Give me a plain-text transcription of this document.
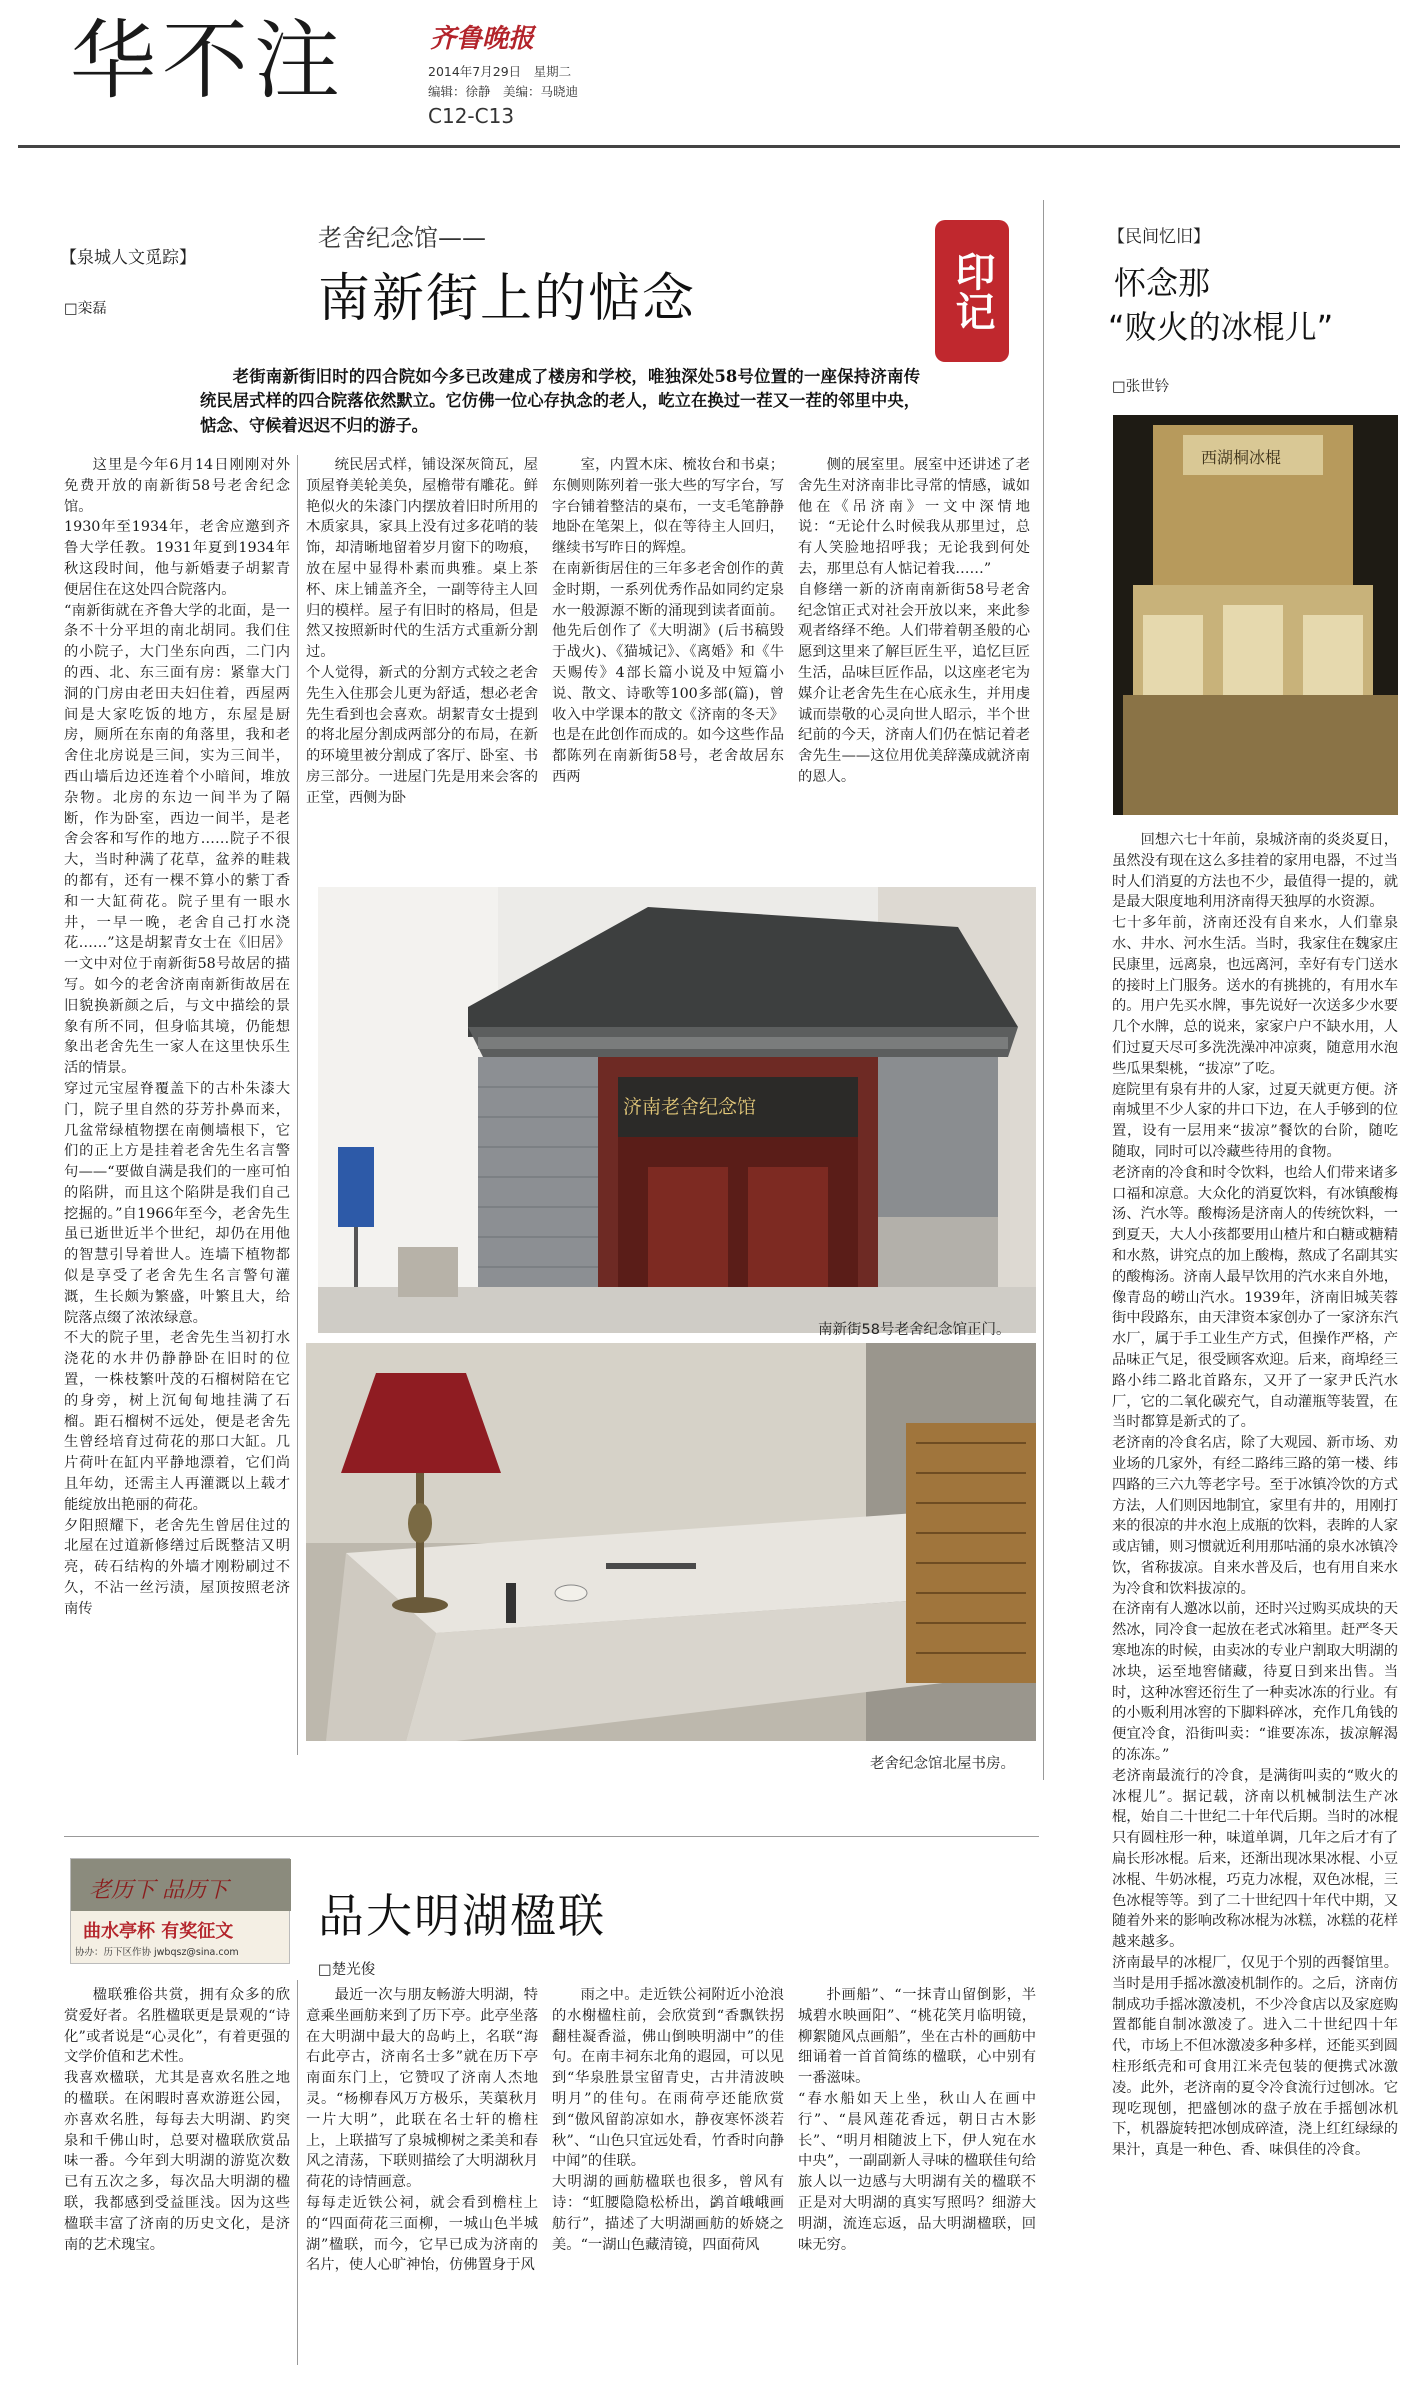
华不注	齐鲁晚报
2014年7月29日　星期二
编辑：徐静　美编：马晓迪
C12-C13
【泉城人文觅踪】
□栾磊
老舍纪念馆——
南新街上的惦念	印记
老街南新街旧时的四合院如今多已改建成了楼房和学校，唯独深处58号位置的一座保持济南传统民居式样的四合院落依然默立。它仿佛一位心存执念的老人，屹立在换过一茬又一茬的邻里中央，惦念、守候着迟迟不归的游子。
这里是今年6月14日刚刚对外免费开放的南新街58号老舍纪念馆。
1930年至1934年，老舍应邀到齐鲁大学任教。1931年夏到1934年秋这段时间，他与新婚妻子胡絜青便居住在这处四合院落内。
“南新街就在齐鲁大学的北面，是一条不十分平坦的南北胡同。我们住的小院子，大门坐东向西，二门内的西、北、东三面有房：紧靠大门洞的门房由老田夫妇住着，西屋两间是大家吃饭的地方，东屋是厨房，厕所在东南的角落里，我和老舍住北房说是三间，实为三间半，西山墙后边还连着个小暗间，堆放杂物。北房的东边一间半为了隔断，作为卧室，西边一间半，是老舍会客和写作的地方……院子不很大，当时种满了花草，盆养的畦栽的都有，还有一棵不算小的紫丁香和一大缸荷花。院子里有一眼水井，一早一晚，老舍自己打水浇花……”这是胡絜青女士在《旧居》一文中对位于南新街58号故居的描写。如今的老舍济南南新街故居在旧貌换新颜之后，与文中描绘的景象有所不同，但身临其境，仍能想象出老舍先生一家人在这里快乐生活的情景。
穿过元宝屋脊覆盖下的古朴朱漆大门，院子里自然的芬芳扑鼻而来，几盆常绿植物摆在南侧墙根下，它们的正上方是挂着老舍先生名言警句——“要做自满是我们的一座可怕的陷阱，而且这个陷阱是我们自己挖掘的。”自1966年至今，老舍先生虽已逝世近半个世纪，却仍在用他的智慧引导着世人。连墙下植物都似是享受了老舍先生名言警句灌溉，生长颇为繁盛，叶繁且大，给院落点缀了浓浓绿意。
不大的院子里，老舍先生当初打水浇花的水井仍静静卧在旧时的位置，一株枝繁叶茂的石榴树陪在它的身旁，树上沉甸甸地挂满了石榴。距石榴树不远处，便是老舍先生曾经培育过荷花的那口大缸。几片荷叶在缸内平静地漂着，它们尚且年幼，还需主人再灌溉以上载才能绽放出艳丽的荷花。
夕阳照耀下，老舍先生曾居住过的北屋在过道新修缮过后既整洁又明亮，砖石结构的外墙才刚粉刷过不久，不沾一丝污渍，屋顶按照老济南传
统民居式样，铺设深灰筒瓦，屋顶屋脊美轮美奂，屋檐带有雕花。鲜艳似火的朱漆门内摆放着旧时所用的木质家具，家具上没有过多花哨的装饰，却清晰地留着岁月窗下的吻痕，放在屋中显得朴素而典雅。桌上茶杯、床上铺盖齐全，一副等待主人回归的模样。屋子有旧时的格局，但是然又按照新时代的生活方式重新分割过。
个人觉得，新式的分割方式较之老舍先生入住那会儿更为舒适，想必老舍先生看到也会喜欢。胡絜青女士提到的将北屋分割成两部分的布局，在新的环境里被分割成了客厅、卧室、书房三部分。一进屋门先是用来会客的正堂，西侧为卧
室，内置木床、梳妆台和书桌；东侧则陈列着一张大些的写字台，写字台铺着整洁的桌布，一支毛笔静静地卧在笔架上，似在等待主人回归，继续书写昨日的辉煌。
在南新街居住的三年多老舍创作的黄金时期，一系列优秀作品如同约定泉水一般源源不断的涌现到读者面前。他先后创作了《大明湖》(后书稿毁于战火)、《猫城记》、《离婚》和《牛天赐传》4部长篇小说及中短篇小说、散文、诗歌等100多部(篇)，曾收入中学课本的散文《济南的冬天》也是在此创作而成的。如今这些作品都陈列在南新街58号，老舍故居东西两
侧的展室里。展室中还讲述了老舍先生对济南非比寻常的情感，诚如他在《吊济南》一文中深情地说：“无论什么时候我从那里过，总有人笑脸地招呼我；无论我到何处去，那里总有人惦记着我……”
自修缮一新的济南南新街58号老舍纪念馆正式对社会开放以来，来此参观者络绎不绝。人们带着朝圣般的心愿到这里来了解巨匠生平，追忆巨匠生活，品味巨匠作品，以这座老宅为媒介让老舍先生在心底永生，并用虔诚而崇敬的心灵向世人昭示，半个世纪前的今天，济南人们仍在惦记着老舍先生——这位用优美辞藻成就济南的恩人。
济南老舍纪念馆
南新街58号老舍纪念馆正门。
老舍纪念馆北屋书房。
【民间忆旧】
怀念那
“败火的冰棍儿”
□张世钤
西湖桐冰棍
回想六七十年前，泉城济南的炎炎夏日，虽然没有现在这么多挂着的家用电器，不过当时人们消夏的方法也不少，最值得一提的，就是最大限度地利用济南得天独厚的水资源。
七十多年前，济南还没有自来水，人们靠泉水、井水、河水生活。当时，我家住在魏家庄民康里，远离泉，也远离河，幸好有专门送水的接时上门服务。送水的有挑挑的，有用水车的。用户先买水牌，事先说好一次送多少水要几个水牌，总的说来，家家户户不缺水用，人们过夏天尽可多洗洗澡冲冲凉爽，随意用水泡些瓜果梨桃，“拔凉”了吃。
庭院里有泉有井的人家，过夏天就更方便。济南城里不少人家的井口下边，在人手够到的位置，设有一层用来“拔凉”餐饮的台阶，随吃随取，同时可以冷藏些待用的食物。
老济南的冷食和时令饮料，也给人们带来诸多口福和凉意。大众化的消夏饮料，有冰镇酸梅汤、汽水等。酸梅汤是济南人的传统饮料，一到夏天，大人小孩都要用山楂片和白糖或糖精和水熬，讲究点的加上酸梅，熬成了名副其实的酸梅汤。济南人最早饮用的汽水来自外地，像青岛的崂山汽水。1939年，济南旧城芙蓉街中段路东，由天津资本家创办了一家济东汽水厂，属于手工业生产方式，但操作严格，产品味正气足，很受顾客欢迎。后来，商埠经三路小纬二路北首路东，又开了一家尹氏汽水厂，它的二氧化碳充气，自动灌瓶等装置，在当时都算是新式的了。
老济南的冷食名店，除了大观园、新市场、劝业场的几家外，有经二路纬三路的第一楼、纬四路的三六九等老字号。至于冰镇冷饮的方式方法，人们则因地制宜，家里有井的，用刚打来的很凉的井水泡上成瓶的饮料，表眸的人家或店铺，则习惯就近利用那咕涌的泉水冰镇冷饮，省称拔凉。自来水普及后，也有用自来水为冷食和饮料拔凉的。
在济南有人邀冰以前，还时兴过购买成块的天然冰，同冷食一起放在老式冰箱里。赶严冬天寒地冻的时候，由卖冰的专业户割取大明湖的冰块，运至地窖储藏，待夏日到来出售。当时，这种冰窖还衍生了一种卖冰冻的行业。有的小贩利用冰窖的下脚料碎冰，充作几角钱的便宜冷食，沿街叫卖：“谁要冻冻，拔凉解渴的冻冻。”
老济南最流行的冷食，是满街叫卖的“败火的冰棍儿”。据记载，济南以机械制法生产冰棍，始自二十世纪二十年代后期。当时的冰棍只有圆柱形一种，味道单调，几年之后才有了扁长形冰棍。后来，还渐出现冰果冰棍、小豆冰棍、牛奶冰棍，巧克力冰棍，双色冰棍，三色冰棍等等。到了二十世纪四十年代中期，又随着外来的影响改称冰棍为冰糕，冰糕的花样越来越多。
济南最早的冰棍厂，仅见于个别的西餐馆里。当时是用手摇冰激凌机制作的。之后，济南仿制成功手摇冰激凌机，不少冷食店以及家庭购置都能自制冰激凌了。进入二十世纪四十年代，市场上不但冰激凌多种多样，还能买到圆柱形纸壳和可食用江米壳包装的便携式冰激凌。此外，老济南的夏令冷食流行过刨冰。它现吃现刨，把盛刨冰的盘子放在手摇刨冰机下，机器旋转把冰刨成碎渣，浇上红红绿绿的果汁，真是一种色、香、味俱佳的冷食。
老历下 品历下
曲水亭杯 有奖征文
协办：历下区作协 jwbqsz@sina.com
品大明湖楹联
□楚光俊
楹联雅俗共赏，拥有众多的欣赏爱好者。名胜楹联更是景观的“诗化”或者说是“心灵化”，有着更强的文学价值和艺术性。
我喜欢楹联，尤其是喜欢名胜之地的楹联。在闲暇时喜欢游逛公园，亦喜欢名胜，每每去大明湖、趵突泉和千佛山时，总要对楹联欣赏品味一番。今年到大明湖的游览次数已有五次之多，每次品大明湖的楹联，我都感到受益匪浅。因为这些楹联丰富了济南的历史文化，是济南的艺术瑰宝。
最近一次与朋友畅游大明湖，特意乘坐画舫来到了历下亭。此亭坐落在大明湖中最大的岛屿上，名联“海右此亭古，济南名士多”就在历下亭南面东门上，它赞叹了济南人杰地灵。“杨柳春风万方极乐，芙蕖秋月一片大明”，此联在名士轩的檐柱上，上联描写了泉城柳树之柔美和春风之清荡，下联则描绘了大明湖秋月荷花的诗情画意。
每每走近铁公祠，就会看到檐柱上的“四面荷花三面柳，一城山色半城湖”楹联，而今，它早已成为济南的名片，使人心旷神怡，仿佛置身于风
雨之中。走近铁公祠附近小沧浪的水榭楹柱前，会欣赏到“香飘铁拐翻桂凝香溢，佛山倒映明湖中”的佳句。在南丰祠东北角的遐园，可以见到“华泉胜景宝留青史，古井清波映明月”的佳句。在雨荷亭还能欣赏到“傲风留韵凉如水，静夜寒怀淡若秋”、“山色只宜远处看，竹香时向静中闻”的佳联。
大明湖的画舫楹联也很多，曾风有诗：“虹腰隐隐松桥出，鹢首峨峨画舫行”，描述了大明湖画舫的娇娆之美。“一湖山色藏清镜，四面荷风
扑画船”、“一抹青山留倒影，半城碧水映画阳”、“桃花笑月临明镜，柳絮随风点画船”，坐在古朴的画舫中细诵着一首首简练的楹联，心中别有一番滋味。
“春水船如天上坐，秋山人在画中行”、“晨风莲花香远，朝日古木影长”、“明月相随波上下，伊人宛在水中央”，一副副新人寻味的楹联佳句给旅人以一边感与大明湖有关的楹联不正是对大明湖的真实写照吗？细游大明湖，流连忘返，品大明湖楹联，回味无穷。
